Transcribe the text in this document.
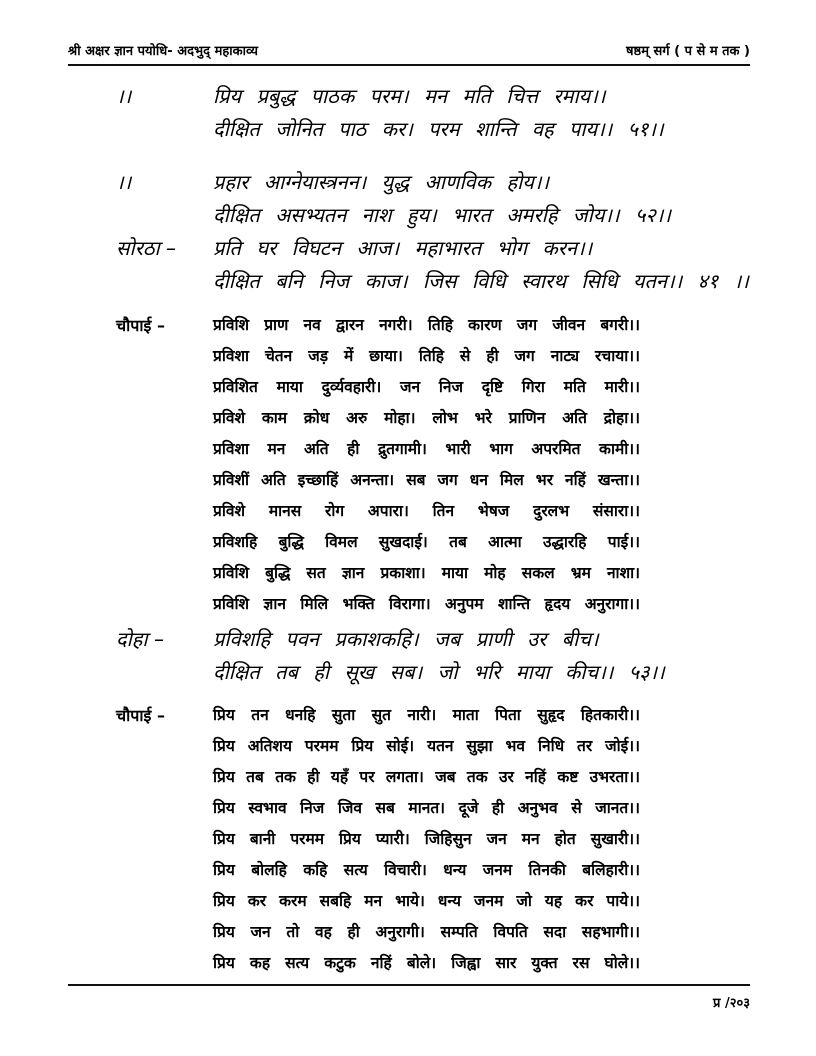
श्री अक्षर ज्ञान पयोधि- अदभुद् महाकाव्य	षष्ठम् सर्ग ( प से म तक )
।।	प्रिय प्रबुद्ध पाठक परम। मन मति चित्त रमाय।।
दीक्षित जोनित पाठ कर। परम शान्ति वह पाय।। ५१।।
।।	प्रहार आग्नेयास्त्रनन। युद्ध आणविक होय।।
दीक्षित असभ्यतन नाश हुय। भारत अमरहि जोय।। ५२।।
सोरठा – प्रति घर विघटन आज। महाभारत भोग करन।।
दीक्षित बनि निज काज। जिस विधि स्वारथ सिधि यतन।। ४१ ।।
चौपाई –	प्रविशि प्राण नव द्वारन नगरी। तिहि कारण जग जीवन बगरी।।
प्रविशा चेतन जड़ में छाया। तिहि से ही जग नाट्य रचाया।।
प्रविशित माया दुर्व्यवहारी। जन निज दृष्टि गिरा मति मारी।।
प्रविशे काम क्रोध अरु मोहा। लोभ भरे प्राणिन अति द्रोहा।।
प्रविशा मन अति ही द्रुतगामी। भारी भाग अपरमित कामी।।
प्रविशीं अति इच्छाहिं अनन्ता। सब जग धन मिल भर नहिं खन्ता।।
प्रविशे मानस रोग अपारा। तिन भेषज दुरलभ संसारा।।
प्रविशहि बुद्धि विमल सुखदाई। तब आत्मा उद्धारहि पाई।।
प्रविशि बुद्धि सत ज्ञान प्रकाशा। माया मोह सकल भ्रम नाशा।
प्रविशि ज्ञान मिलि भक्ति विरागा। अनुपम शान्ति हृदय अनुरागा।।
दोहा – प्रविशहि पवन प्रकाशकहि। जब प्राणी उर बीच।
दीक्षित तब ही सूख सब। जो भरि माया कीच।। ५३।।
चौपाई –	प्रिय तन धनहि सुता सुत नारी। माता पिता सुहृद हितकारी।।
प्रिय अतिशय परमम प्रिय सोई। यतन सुझा भव निधि तर जोई।।
प्रिय तब तक ही यहँ पर लगता। जब तक उर नहिं कष्ट उभरता।।
प्रिय स्वभाव निज जिव सब मानत। दूजे ही अनुभव से जानत।।
प्रिय बानी परमम प्रिय प्यारी। जिहिसुन जन मन होत सुखारी।।
प्रिय बोलहि कहि सत्य विचारी। धन्य जनम तिनकी बलिहारी।।
प्रिय कर करम सबहि मन भाये। धन्य जनम जो यह कर पाये।।
प्रिय जन तो वह ही अनुरागी। सम्पति विपति सदा सहभागी।।
प्रिय कह सत्य कटुक नहिं बोले। जिह्वा सार युक्त रस घोले।।
प्र /२०३
